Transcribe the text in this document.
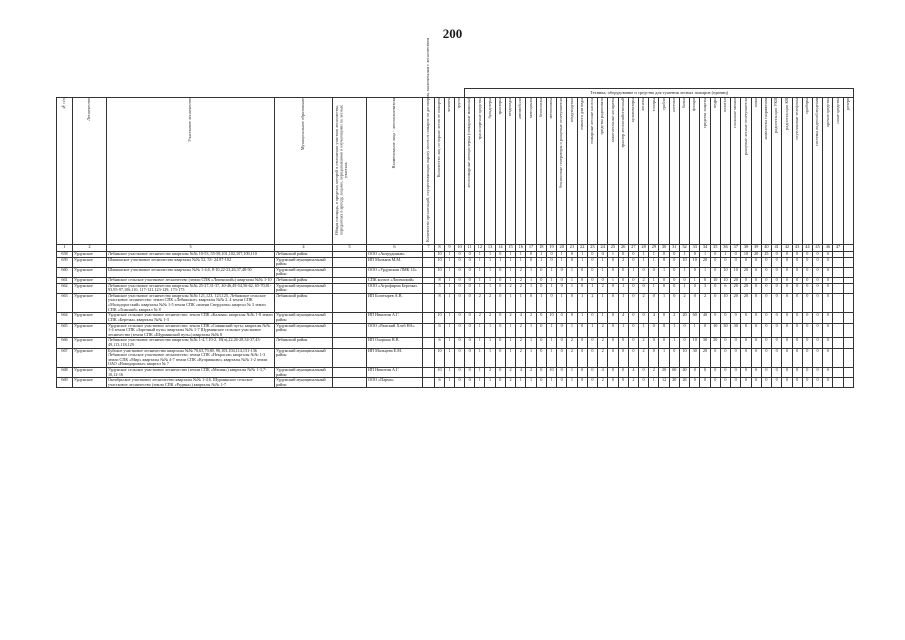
200
										Техника, оборудование и средства для тушения лесных пожаров (единиц)																																					

№ п/п	Лесничество	Участковое лесничество	Муниципальное образование	Общая площадь, в пределах которой в отношении участков лесничества, переданных в аренду, лицами, передававшими и изучающими на лесных участках	Наименование лица - лесопользователя	Количество организаций, осуществляющих охрану лесов от пожаров по договорам, заключенным с лесничеством	Количество лиц по охране лесов от пожаров	человек	групп	лесопожарные автоцистерны (пожарные машины)	транспортные средства	бульдозеры	тракторы	вездеходы	автомобили	мотоциклы	бензопилы	мотопомпы	бензиновые генераторы и ранцевые огнетушители	воздуходувки	емкости для воды	пожарные лесные насосы	средства радиосвязи	зажигательные аппараты	трактор лесохозяйственный	культиваторы	лопаты	топоры	грабли	аптечки	бачки	фонари	средства защиты	ведра	палатки	спальные мешки	ранцевые лесные огнетушители	ножи	комплекты снаряжения	радиостанции УКВ	радиостанции КВ	спутниковые телефоны	приборы	системы видеонаблюдения	прочие средства	иные средства	резерв

1	2	3	4	5	6	7	8	9	10	11	12	13	14	15	16	17	18	19	20	21	22	23	24	25	26	27	28	29	30	31	32	33	34	35	36	37	38	39	40	41	42	43	44	45	46	47	
658	Урдунское	Лебяжское участковое лесничество кварталы №№ 10-53, 55-58,101,102,107,109,110	Лебяжский район		ООО «Антрудиныв»		10	1	0	0	1	1	0	1	1	0	1	0	1	0	1	0	0	1	0	0	1	1	0	0	1	0	1	0	1	0	10	20	25	0	0	0	0	0	0		
659	Урдунское	Шашинское участковое лесничество кварталы №№ 52, 53- 24.97-102	Урдунский муниципальный район		ИП Мальков М.М.		10	1	0	0	1	1	1	1	1	0	1	0	1	0	1	0	1	0	2	0	1	1	8	0	10	10	20	0	0	0	0	0	0	0	0	0	0	0	0		
660	Урдунское	Шашинское участковое лесничество кварталы №№ 1-4,6, 8-10,22-23,26,37,48-50	Урдунский муниципальный район		ООО «Урдунская ЛМК 14»		10	1	0	0	1	1	0	1	2	1	0	1	0	1	0	0	1	0	0	1	0	0	1	0	1	0	1	0	10	10	20	0	0	0	0	0	0	0	0		
661	Урдунское	Лебяжское сельское участковое лесничество (земли СПК «Лопенский») кварталы №№ 1-10	Лебяжский район		СПК колхоз «Лопенский»		8	1	0	0	1	1	0	1	2	1	0	1	0	1	0	0	0	1	0	0	2	1	0	0	0	1	0	10	10	20	0	0	0	0	0	0	0	0	0		
662	Урдунское	Лебяжское участковое лесничество кварталы №№ 25-27,31-37, 40-46,49-54,56-62, 65-70,81-93,95-97,106,110, 117-121,123-129, 173-175	Урдунский муниципальный район		ООО «Агрофирма Березка»		5	1	0	0	1	1	0	2	2	1	0	1	0	1	0	1	2	0	1	0	0	1	0	0	1	0	3	0	6	20	20	0	0	0	0	0	0	0	0		
663	Урдунское	Лебяжское участковое лесничество кварталы №№ 121,123, 123,125, Лебяжское сельское участковое лесничество: земли СПК «Лебяжское» кварталы №№ 2, 4 земли СПК «Малодорогский» кварталы №№ 1-5 земли СПК «имени Свердлова» квартал № 3 земли СПК «Ложский» квартал № 8	Лебяжский район		ИП Богатырев А.В.		8	1	0	0	2	2	0	1	1	0	1	0	1	0	1	2	1	0	1	0	2	0	1	0	2	0	2	0	10	20	20	0	0	0	0	0	0	0	0		
664	Урдунское	Урдунское сельское участковое лесничество: земли СПК «Калина» кварталы №№ 1-8 земли СПК «Березка» кварталы №№ 1-3	Урдунский муниципальный район		ИП Никитин А.Г.		10	1	0	0	2	2	0	2	4	2	0	10	0	0	1	0	1	0	4	0	0	4	0	2	20	60	40	0	0	0	0	0	0	0	0	0	0	0	0		
665	Урдунское	Урдунское сельское участковое лесничество: земли СПК «Сивинский путь» кварталы №№ 1-4 земли СПК «Заречный путь» кварталы №№ 1-7 Шурминское сельское участковое лесничество (земли СПК «Шурминский путь») кварталы №№ 8	Урдунский муниципальный район		ООО «Рамский Хлеб НА»		6	1	0	0	1	1	0	1	2	1	0	1	0	1	0	1	2	0	1	0	1	0	8	1	0	1	0	10	30	30	0	0	0	0	0	0	0	0	0		
666	Урдунское	Лебяжское участковое лесничество кварталы №№ 1-4,7,10-2, 18(ч),22,26-28,34-37,43-49,113,118,129	Лебяжский район		ИП Охорина Н.В.		6	1	0	0	1	1	0	1	2	1	0	1	0	2	0	0	2	0	0	0	2	0	0	1	0	10	30	20	0	0	0	0	0	0	0	0	0	0	0		
667	Урдунское	Буйское участковое лесничество кварталы №№ 70,63,79,80, 90,103,104,114,131-136 Лебяжское сельское участковое лесничество: земли СПК «Некрасов» кварталы №№ 1-3 земли СПК «Мир» кварталы №№ 4-7 земли СПК «Куприяново» кварталы №№ 1-2 земли ОАО «Новодорожье» квартал № 7	Урдунский муниципальный район		ИП Мальцева Е.М.		10	1	0	0	1	1	0	1	2	1	0	1	0	2	0	0	2	0	0	0	2	0	1	0	10	30	20	0	0	0	0	0	0	0	0	0	0	0	0		
668	Урдунское	Урдунское сельское участковое лесничество (земли СПК «Мапин») кварталы №№ 1-3,7-10,12-16	Урдунский муниципальный район		ИП Никитин А.Г.		10	1	0	0	1	2	0	2	4	2	0	10	0	1	0	0	4	0	0	4	0	2	20	60	40	0	0	0	0	0	0	0	0	0	0	0	0	0	0		
669	Урдунское	Октябрьское участковое лесничество кварталы №№ 1-4,6, Шурминское сельское участковое лесничество (земли СПК «Родина») кварталы №№ 1-7	Урдунский муниципальный район		ООО «Парма»		6	1	0	0	1	1	0	2	1	1	0	1	0	1	0	0	2	0	0	2	0	1	12	20	26	0	0	0	0	0	0	0	0	0	0	0	0	0	0		
